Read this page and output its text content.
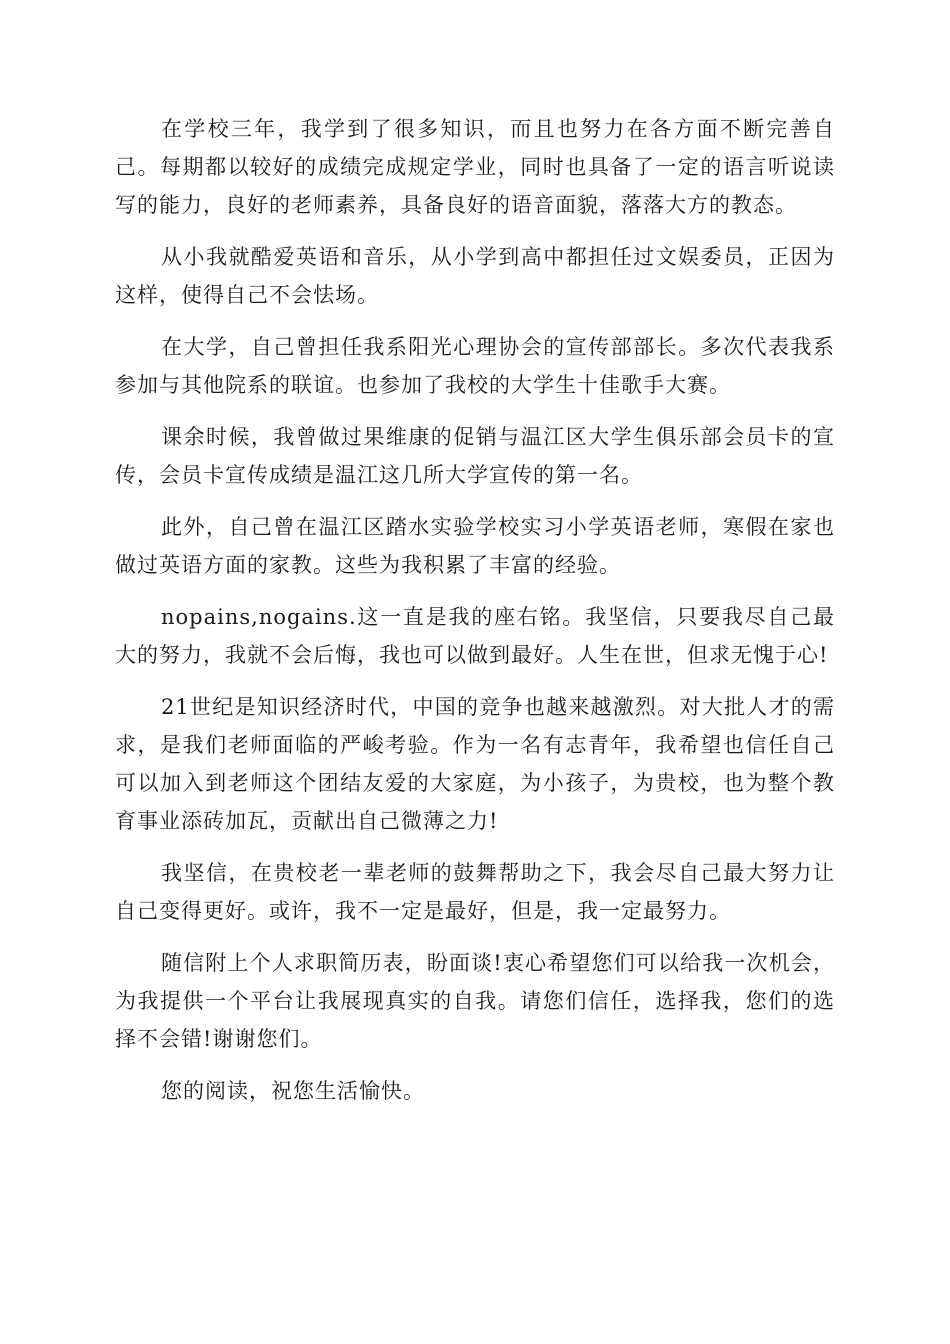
在学校三年，我学到了很多知识，而且也努力在各方面不断完善自己。每期都以较好的成绩完成规定学业，同时也具备了一定的语言听说读写的能力，良好的老师素养，具备良好的语音面貌，落落大方的教态。

从小我就酷爱英语和音乐，从小学到高中都担任过文娱委员，正因为这样，使得自己不会怯场。

在大学，自己曾担任我系阳光心理协会的宣传部部长。多次代表我系参加与其他院系的联谊。也参加了我校的大学生十佳歌手大赛。

课余时候，我曾做过果维康的促销与温江区大学生俱乐部会员卡的宣传，会员卡宣传成绩是温江这几所大学宣传的第一名。

此外，自己曾在温江区踏水实验学校实习小学英语老师，寒假在家也做过英语方面的家教。这些为我积累了丰富的经验。

nopains,nogains.这一直是我的座右铭。我坚信，只要我尽自己最大的努力，我就不会后悔，我也可以做到最好。人生在世，但求无愧于心!

21世纪是知识经济时代，中国的竞争也越来越激烈。对大批人才的需求，是我们老师面临的严峻考验。作为一名有志青年，我希望也信任自己可以加入到老师这个团结友爱的大家庭，为小孩子，为贵校，也为整个教育事业添砖加瓦，贡献出自己微薄之力!

我坚信，在贵校老一辈老师的鼓舞帮助之下，我会尽自己最大努力让自己变得更好。或许，我不一定是最好，但是，我一定最努力。

随信附上个人求职简历表，盼面谈!衷心希望您们可以给我一次机会，为我提供一个平台让我展现真实的自我。请您们信任，选择我，您们的选择不会错!谢谢您们。

您的阅读，祝您生活愉快。
